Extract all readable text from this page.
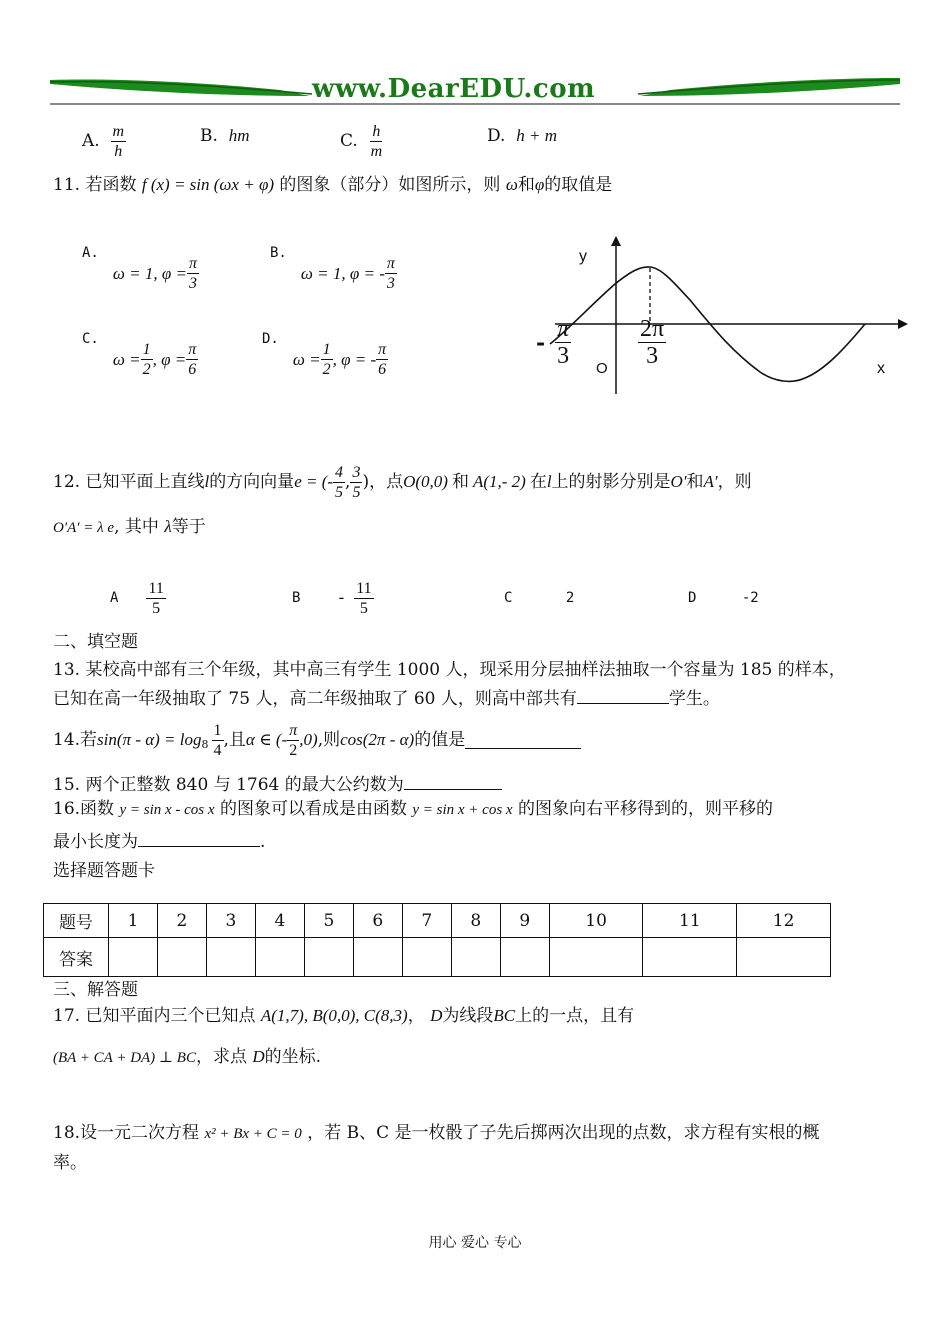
www.DearEDU.com
A.
$\frac{m}{h}$	B.
hm	C.
$\frac{h}{m}$	D.
h + m
11. 若函数 f (x) = sin (ωx + φ) 的图象（部分）如图所示，则 ω和φ的取值是
A.
ω = 1, $\varphi = \frac{\pi}{3}$
B.
ω = 1, φ = - $\frac{\pi}{3}$
C.
$\omega = \frac{1}{2}$ , $\varphi = \frac{\pi}{6}$
D.
$\omega = \frac{1}{2}$ , φ = - $\frac{\pi}{6}$
y
x
O
- $\frac{\pi}{3}$	$\frac{2\pi}{3}$
12. 已知平面上直线 l 的方向向量 e = (- $\frac{4}{5}$ , $\frac{3}{5}$ )，点 O(0,0) 和 A(1,- 2) 在 l 上的射影分别是 O′ 和 A′ ，则
O′A′ = λ e, 其中 λ等于
A $\frac{11}{5}$	B - $\frac{11}{5}$	C	2	D	-2
二、填空题
13. 某校高中部有三个年级，其中高三有学生 1000 人，现采用分层抽样法抽取一个容量为 185 的样本，
已知在高一年级抽取了 75 人，高二年级抽取了 60 人，则高中部共有	学生。
14.若 $\sin(\pi - \alpha) = \log_8 \frac{1}{4}$ ,且 α ∈ (- $\frac{\pi}{2} ,0$) ,则 cos(2π - α) 的值是
15. 两个正整数 840 与 1764 的最大公约数为
16.函数 y = sin x - cos x 的图象可以看成是由函数 y = sin x + cos x 的图象向右平移得到的，则平移的
最小长度为	.
选择题答题卡
题号	1	2	3	4	5	6	7	8	9	10	11	12
答案												
三、解答题
17. 已知平面内三个已知点 A(1,7), B(0,0), C(8,3)， D为线段BC上的一点，且有
(BA + CA + DA) ⊥ BC，求点 D的坐标.
18.设一元二次方程 x² + Bx + C = 0 ，若 B、C 是一枚骰了子先后掷两次出现的点数，求方程有实根的概
率。
用心 爱心 专心
